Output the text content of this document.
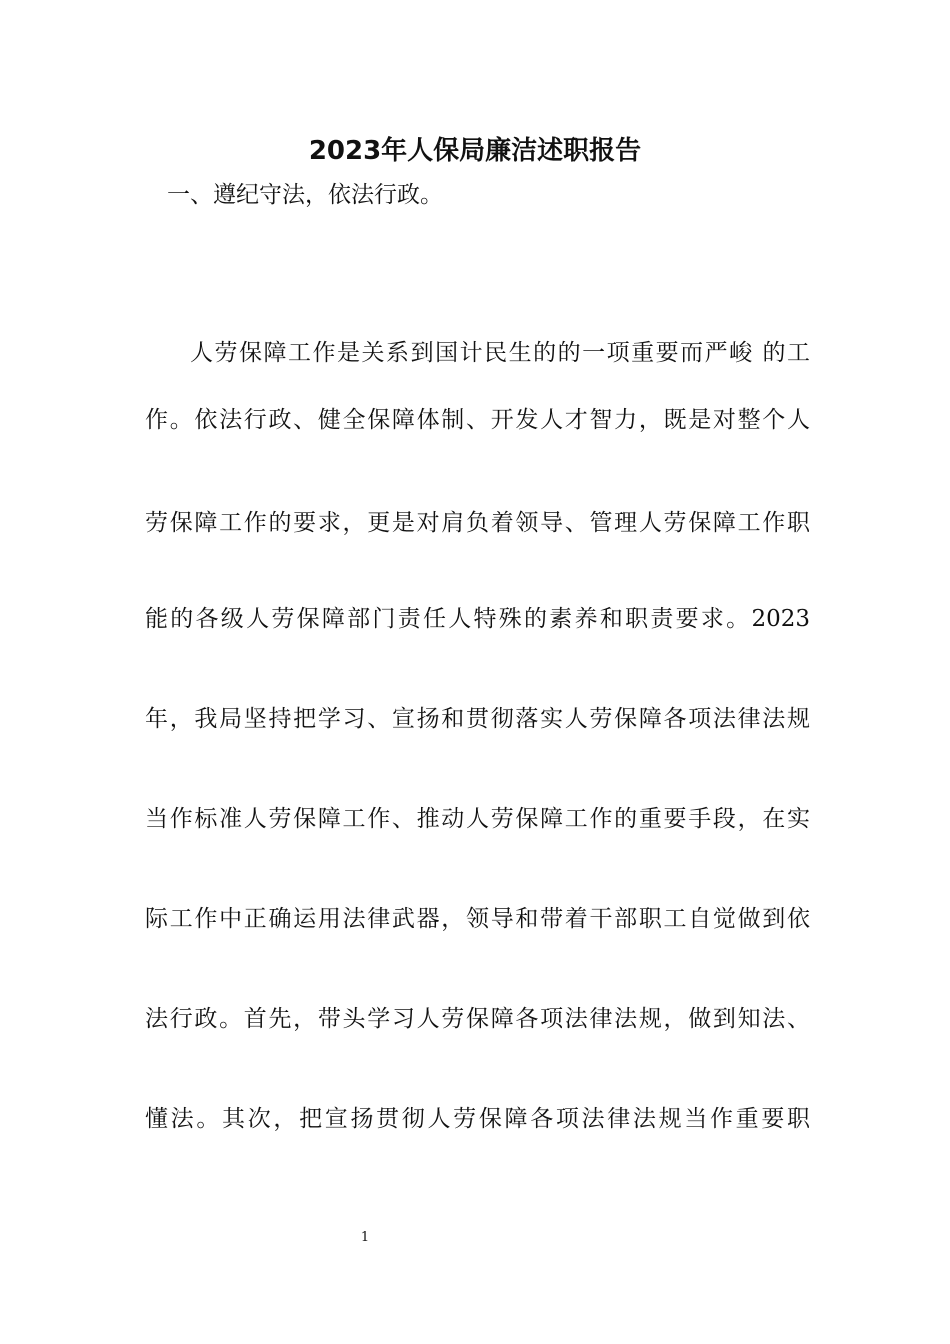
2023年人保局廉洁述职报告

一、遵纪守法，依法行政。

人劳保障工作是关系到国计民生的的一项重要而严峻 的工

作。依法行政、健全保障体制、开发人才智力，既是对整个人

劳保障工作的要求，更是对肩负着领导、管理人劳保障工作职

能的各级人劳保障部门责任人特殊的素养和职责要求。2023

年，我局坚持把学习、宣扬和贯彻落实人劳保障各项法律法规

当作标准人劳保障工作、推动人劳保障工作的重要手段，在实

际工作中正确运用法律武器，领导和带着干部职工自觉做到依

法行政。首先，带头学习人劳保障各项法律法规，做到知法、

懂法。其次，把宣扬贯彻人劳保障各项法律法规当作重要职

1
